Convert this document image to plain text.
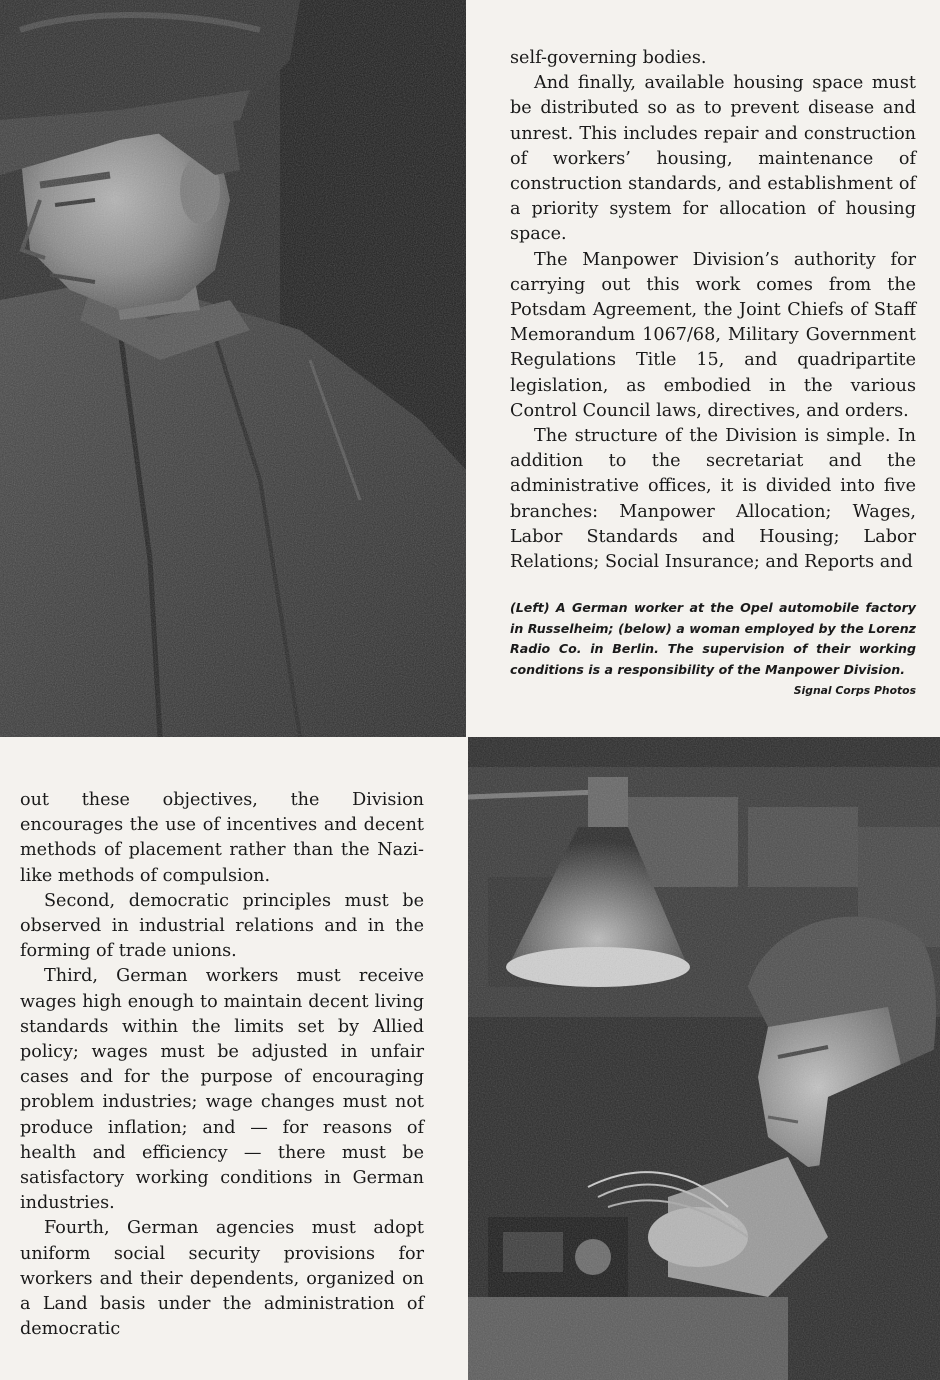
self-governing bodies.

And finally, available housing space must be distributed so as to prevent disease and unrest. This includes repair and construction of workers’ housing, maintenance of construction standards, and establishment of a priority system for allocation of housing space.

The Manpower Division’s authority for carrying out this work comes from the Potsdam Agreement, the Joint Chiefs of Staff Memorandum 1067/68, Military Government Regulations Title 15, and quadripartite legislation, as embodied in the various Control Council laws, directives, and orders.

The structure of the Division is simple. In addition to the secretariat and the administrative offices, it is divided into five branches: Manpower Allocation; Wages, Labor Standards and Housing; Labor Relations; Social Insurance; and Reports and

(Left) A German worker at the Opel automobile factory in Russelheim; (below) a woman employed by the Lorenz Radio Co. in Berlin. The supervision of their working conditions is a responsibility of the Manpower Division.
Signal Corps Photos

out these objectives, the Division encourages the use of incentives and decent methods of placement rather than the Nazi-like methods of compulsion.

Second, democratic principles must be observed in industrial relations and in the forming of trade unions.

Third, German workers must receive wages high enough to maintain decent living standards within the limits set by Allied policy; wages must be adjusted in unfair cases and for the purpose of encouraging problem industries; wage changes must not produce inflation; and — for reasons of health and efficiency — there must be satisfactory working conditions in German industries.

Fourth, German agencies must adopt uniform social security provisions for workers and their dependents, organized on a Land basis under the administration of democratic
